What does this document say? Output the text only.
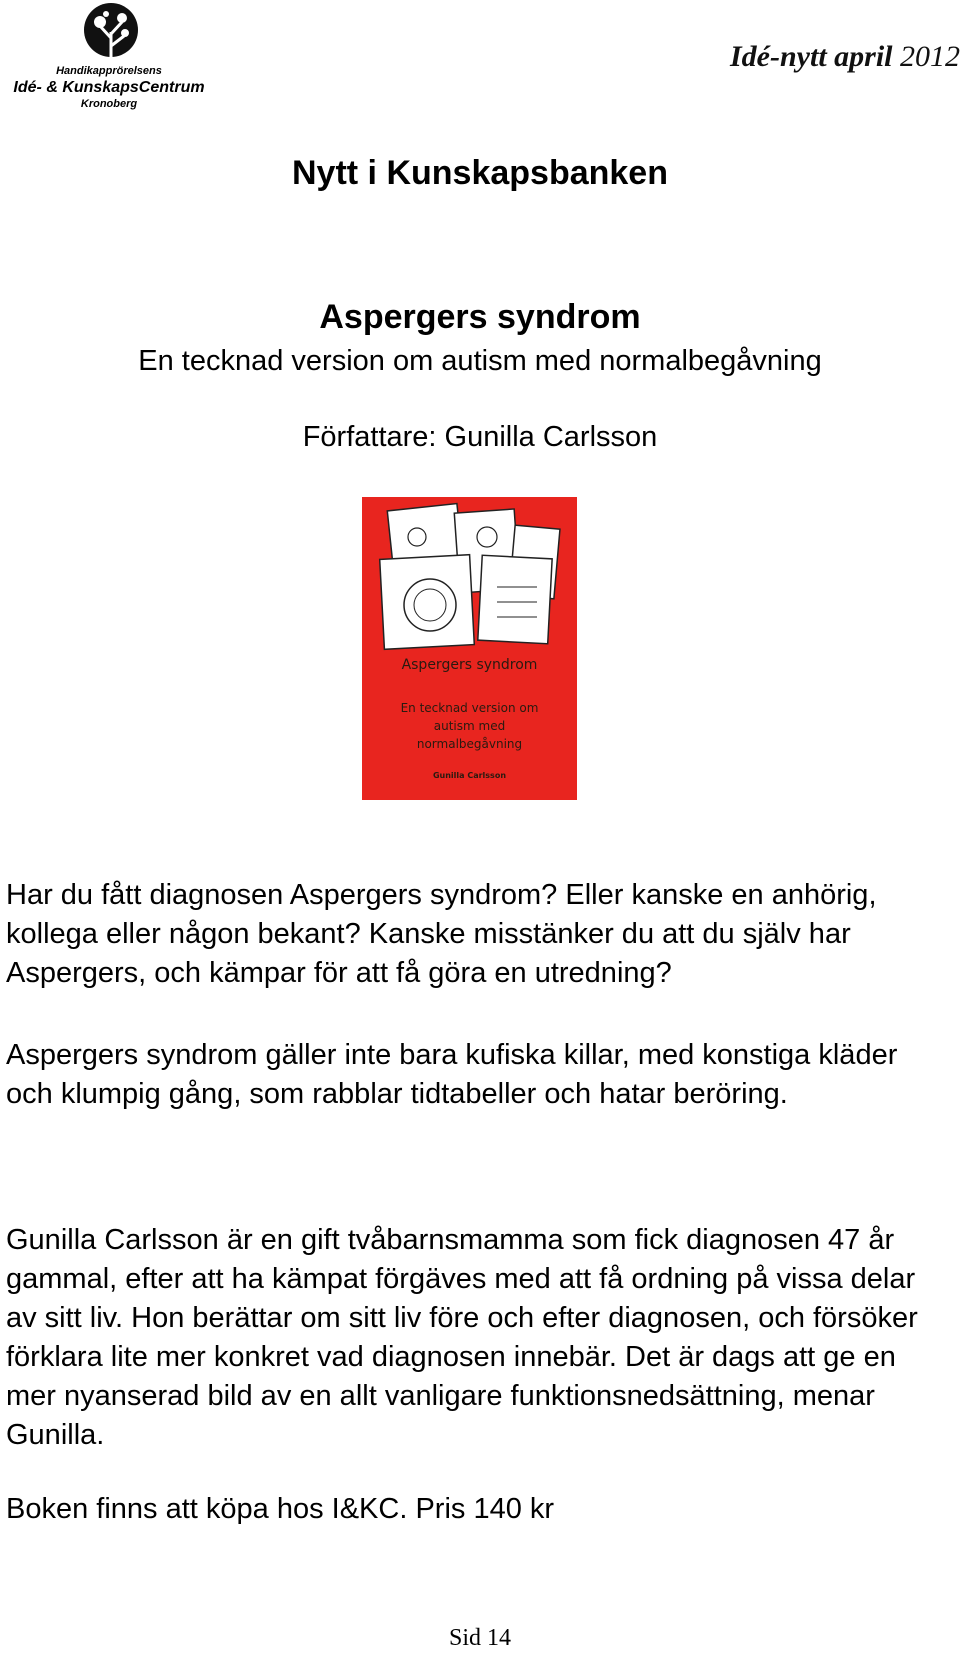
Handikapprörelsens
Idé- & KunskapsCentrum
Kronoberg
Idé-nytt april 2012
Nytt i Kunskapsbanken
Aspergers syndrom
En tecknad version om autism med normalbegåvning
Författare: Gunilla Carlsson
Aspergers syndrom
En tecknad version om autism med normalbegåvning
Gunilla Carlsson

Har du fått diagnosen Aspergers syndrom? Eller kanske en anhörig, kollega eller någon bekant? Kanske misstänker du att du själv har Aspergers, och kämpar för att få göra en utredning?

Aspergers syndrom gäller inte bara kufiska killar, med konstiga kläder och klumpig gång, som rabblar tidtabeller och hatar beröring.

Gunilla Carlsson är en gift tvåbarnsmamma som fick diagnosen 47 år gammal, efter att ha kämpat förgäves med att få ordning på vissa delar av sitt liv. Hon berättar om sitt liv före och efter diagnosen, och försöker förklara lite mer konkret vad diagnosen innebär. Det är dags att ge en mer nyanserad bild av en allt vanligare funktionsnedsättning, menar Gunilla.

Boken finns att köpa hos I&KC. Pris 140 kr

Sid 14
